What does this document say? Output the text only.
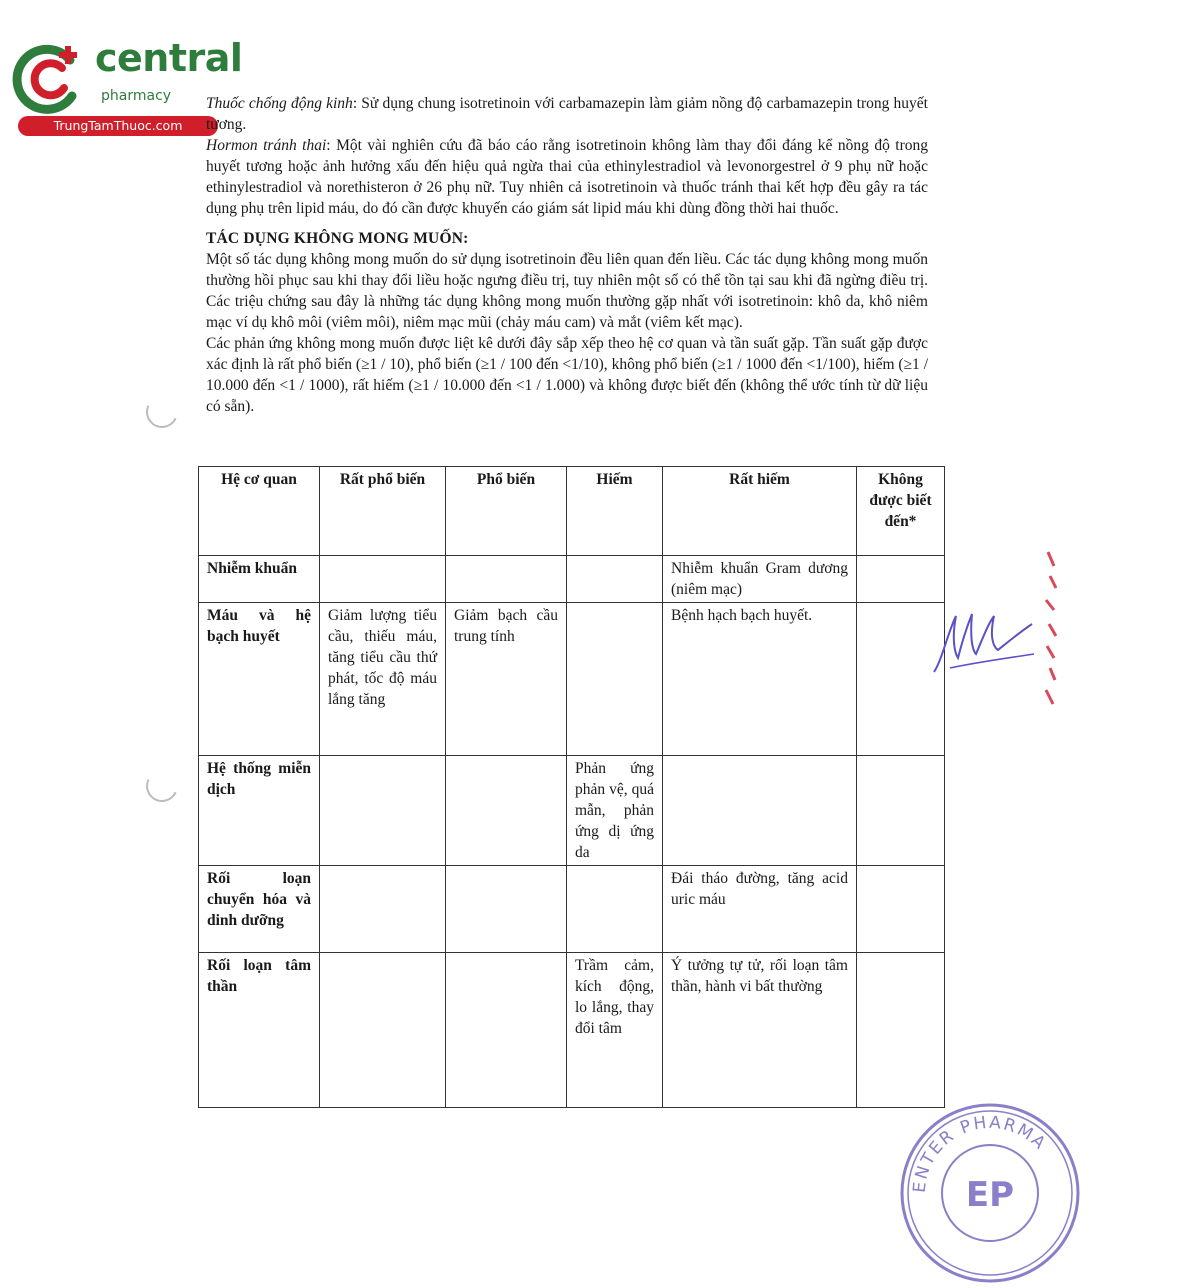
central
pharmacy
TrungTamThuoc.com

Thuốc chống động kinh: Sử dụng chung isotretinoin với carbamazepin làm giảm nồng độ carbamazepin trong huyết tương.

Hormon tránh thai: Một vài nghiên cứu đã báo cáo rằng isotretinoin không làm thay đổi đáng kể nồng độ trong huyết tương hoặc ảnh hưởng xấu đến hiệu quả ngừa thai của ethinylestradiol và levonorgestrel ở 9 phụ nữ hoặc ethinylestradiol và norethisteron ở 26 phụ nữ. Tuy nhiên cả isotretinoin và thuốc tránh thai kết hợp đều gây ra tác dụng phụ trên lipid máu, do đó cần được khuyến cáo giám sát lipid máu khi dùng đồng thời hai thuốc.

TÁC DỤNG KHÔNG MONG MUỐN:

Một số tác dụng không mong muốn do sử dụng isotretinoin đều liên quan đến liều. Các tác dụng không mong muốn thường hồi phục sau khi thay đổi liều hoặc ngưng điều trị, tuy nhiên một số có thể tồn tại sau khi đã ngừng điều trị. Các triệu chứng sau đây là những tác dụng không mong muốn thường gặp nhất với isotretinoin: khô da, khô niêm mạc ví dụ khô môi (viêm môi), niêm mạc mũi (chảy máu cam) và mắt (viêm kết mạc).

Các phản ứng không mong muốn được liệt kê dưới đây sắp xếp theo hệ cơ quan và tần suất gặp. Tần suất gặp được xác định là rất phổ biến (≥1 / 10), phổ biến (≥1 / 100 đến <1/10), không phổ biến (≥1 / 1000 đến <1/100), hiếm (≥1 / 10.000 đến <1 / 1000), rất hiếm (≥1 / 10.000 đến <1 / 1.000) và không được biết đến (không thể ước tính từ dữ liệu có sẵn).

Hệ cơ quan	Rất phổ biến	Phổ biến	Hiếm	Rất hiếm	Không được biết đến*
Nhiễm khuẩn				Nhiễm khuẩn Gram dương (niêm mạc)	
Máu và hệ bạch huyết	Giảm lượng tiểu cầu, thiếu máu, tăng tiểu cầu thứ phát, tốc độ máu lắng tăng	Giảm bạch cầu trung tính		Bệnh hạch bạch huyết.	
Hệ thống miễn dịch			Phản ứng phản vệ, quá mẫn, phản ứng dị ứng da		
Rối loạn chuyển hóa và dinh dưỡng				Đái tháo đường, tăng acid uric máu	
Rối loạn tâm thần			Trầm cảm, kích động, lo lắng, thay đổi tâm	Ý tưởng tự tử, rối loạn tâm thần, hành vi bất thường	
ENTER PHARMA
EP
